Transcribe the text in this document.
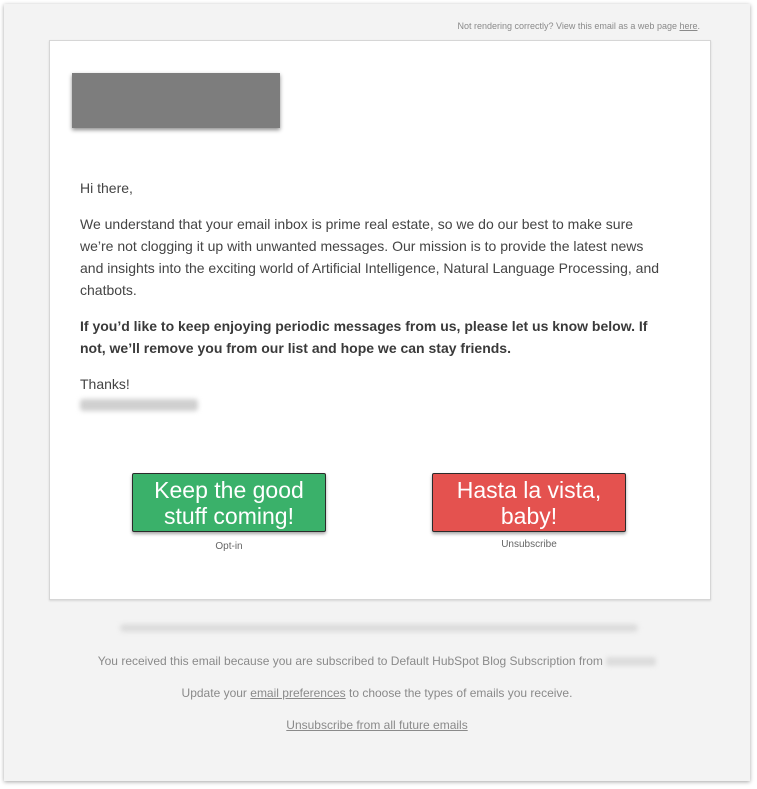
Not rendering correctly? View this email as a web page here.

Hi there,

We understand that your email inbox is prime real estate, so we do our best to make sure we’re not clogging it up with unwanted messages. Our mission is to provide the latest news and insights into the exciting world of Artificial Intelligence, Natural Language Processing, and chatbots.

If you’d like to keep enjoying periodic messages from us, please let us know below. If not, we’ll remove you from our list and hope we can stay friends.

Thanks!
Keep the good stuff coming!
Opt-in
Hasta la vista, baby!
Unsubscribe
You received this email because you are subscribed to Default HubSpot Blog Subscription from
Update your email preferences to choose the types of emails you receive.
Unsubscribe from all future emails
